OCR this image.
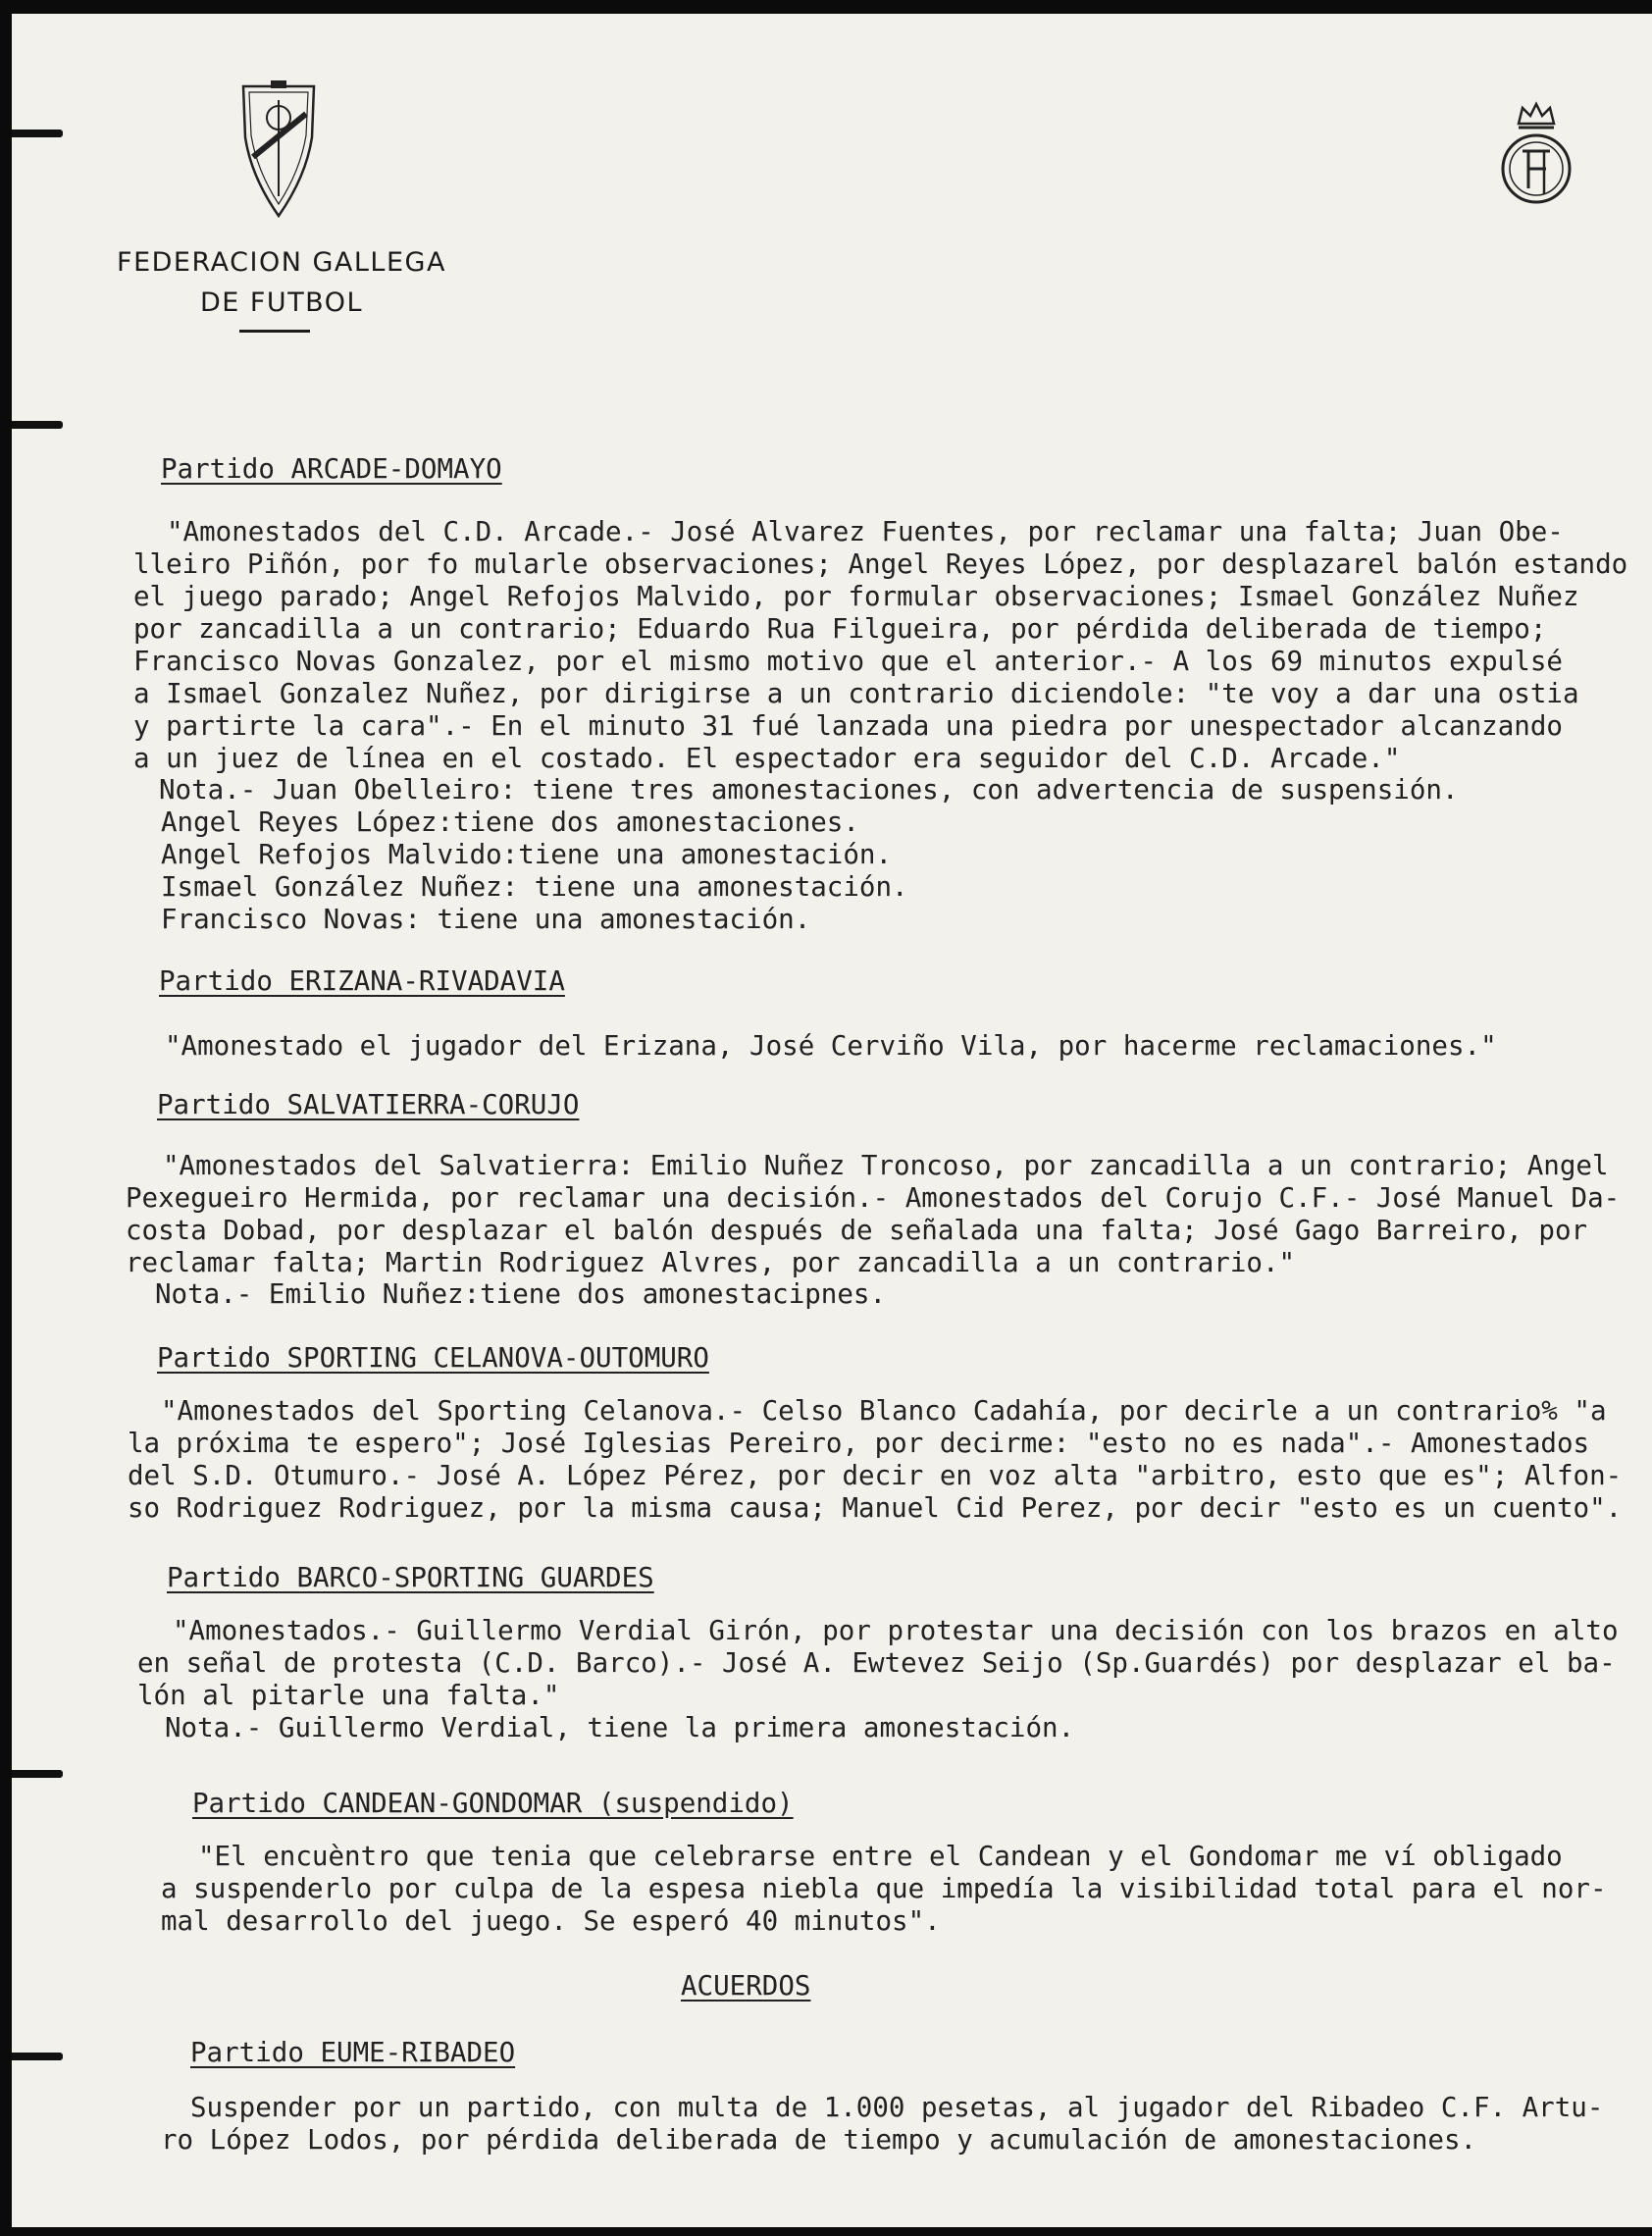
FEDERACION GALLEGA
DE FUTBOL
Partido ARCADE-DOMAYO
"Amonestados del C.D. Arcade.- José Alvarez Fuentes, por reclamar una falta; Juan Obe-
lleiro Piñón, por fo mularle observaciones; Angel Reyes López, por desplazarel balón estando
el juego parado; Angel Refojos Malvido, por formular observaciones; Ismael González Nuñez
por zancadilla a un contrario; Eduardo Rua Filgueira, por pérdida deliberada de tiempo;
Francisco Novas Gonzalez, por el mismo motivo que el anterior.- A los 69 minutos expulsé
a Ismael Gonzalez Nuñez, por dirigirse a un contrario diciendole: "te voy a dar una ostia
y partirte la cara".- En el minuto 31 fué lanzada una piedra por unespectador alcanzando
a un juez de línea en el costado. El espectador era seguidor del C.D. Arcade."
Nota.- Juan Obelleiro: tiene tres amonestaciones, con advertencia de suspensión.
Angel Reyes López:tiene dos amonestaciones.
Angel Refojos Malvido:tiene una amonestación.
Ismael González Nuñez: tiene una amonestación.
Francisco Novas: tiene una amonestación.
Partido ERIZANA-RIVADAVIA
"Amonestado el jugador del Erizana, José Cerviño Vila, por hacerme reclamaciones."
Partido SALVATIERRA-CORUJO
"Amonestados del Salvatierra: Emilio Nuñez Troncoso, por zancadilla a un contrario; Angel
Pexegueiro Hermida, por reclamar una decisión.- Amonestados del Corujo C.F.- José Manuel Da-
costa Dobad, por desplazar el balón después de señalada una falta; José Gago Barreiro, por
reclamar falta; Martin Rodriguez Alvres, por zancadilla a un contrario."
Nota.- Emilio Nuñez:tiene dos amonestacipnes.
Partido SPORTING CELANOVA-OUTOMURO
"Amonestados del Sporting Celanova.- Celso Blanco Cadahía, por decirle a un contrario% "a
la próxima te espero"; José Iglesias Pereiro, por decirme: "esto no es nada".- Amonestados
del S.D. Otumuro.- José A. López Pérez, por decir en voz alta "arbitro, esto que es"; Alfon-
so Rodriguez Rodriguez, por la misma causa; Manuel Cid Perez, por decir "esto es un cuento".
Partido BARCO-SPORTING GUARDES
"Amonestados.- Guillermo Verdial Girón, por protestar una decisión con los brazos en alto
en señal de protesta (C.D. Barco).- José A. Ewtevez Seijo (Sp.Guardés) por desplazar el ba-
lón al pitarle una falta."
Nota.- Guillermo Verdial, tiene la primera amonestación.
Partido CANDEAN-GONDOMAR (suspendido)
"El encuèntro que tenia que celebrarse entre el Candean y el Gondomar me ví obligado
a suspenderlo por culpa de la espesa niebla que impedía la visibilidad total para el nor-
mal desarrollo del juego. Se esperó 40 minutos".
ACUERDOS
Partido EUME-RIBADEO
Suspender por un partido, con multa de 1.000 pesetas, al jugador del Ribadeo C.F. Artu-
ro López Lodos, por pérdida deliberada de tiempo y acumulación de amonestaciones.
